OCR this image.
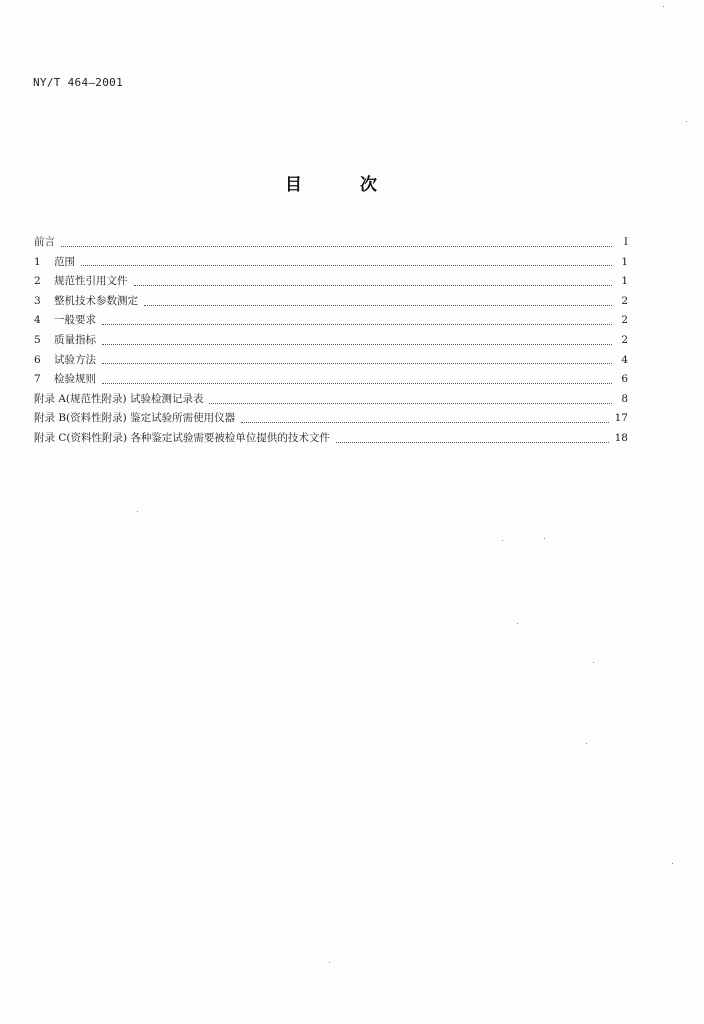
NY/T 464—2001
目	次
前言	I
1	范围	1
2	规范性引用文件	1
3	整机技术参数测定	2
4	一般要求	2
5	质量指标	2
6	试验方法	4
7	检验规则	6
附录 A(规范性附录) 试验检测记录表	8
附录 B(资料性附录) 鉴定试验所需使用仪器	17
附录 C(资料性附录) 各种鉴定试验需要被检单位提供的技术文件	18
